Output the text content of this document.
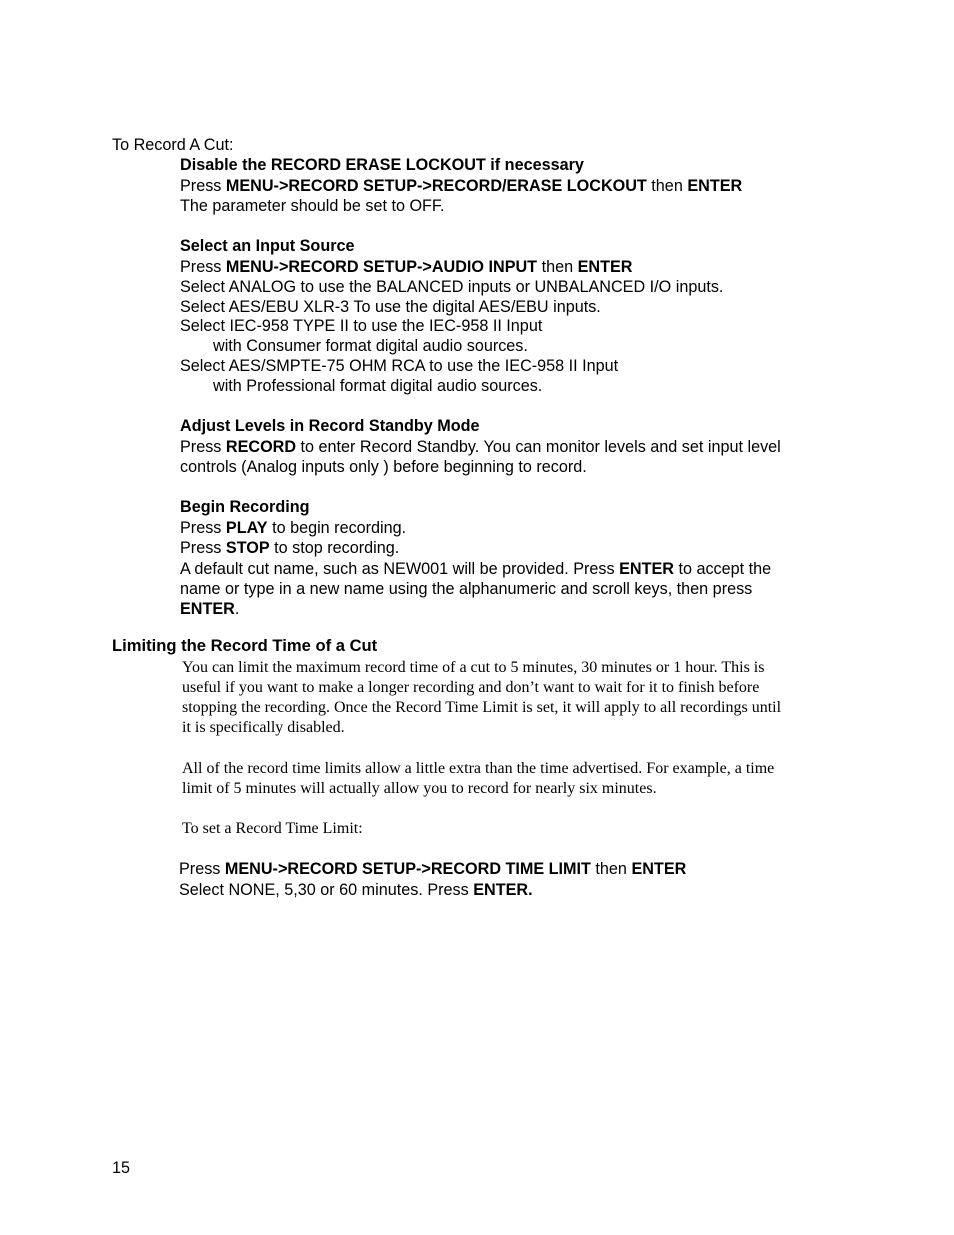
To Record A Cut:
Disable the RECORD ERASE LOCKOUT if necessary
Press MENU->RECORD SETUP->RECORD/ERASE LOCKOUT then ENTER
The parameter should be set to OFF.
Select an Input Source
Press MENU->RECORD SETUP->AUDIO INPUT then ENTER
Select ANALOG to use the BALANCED inputs or UNBALANCED I/O inputs.
Select AES/EBU XLR-3 To use the digital AES/EBU inputs.
Select IEC-958 TYPE II to use the IEC-958 II Input
with Consumer format digital audio sources.
Select AES/SMPTE-75 OHM RCA to use the IEC-958 II Input
with Professional format digital audio sources.
Adjust Levels in Record Standby Mode
Press RECORD to enter Record Standby. You can monitor levels and set input level
controls (Analog inputs only ) before beginning to record.
Begin Recording
Press PLAY to begin recording.
Press STOP to stop recording.
A default cut name, such as NEW001 will be provided. Press ENTER to accept the
name or type in a new name using the alphanumeric and scroll keys, then press
ENTER.
Limiting the Record Time of a Cut
You can limit the maximum record time of a cut to 5 minutes, 30 minutes or 1 hour. This is
useful if you want to make a longer recording and don’t want to wait for it to finish before
stopping the recording. Once the Record Time Limit is set, it will apply to all recordings until
it is specifically disabled.
All of the record time limits allow a little extra than the time advertised. For example, a time
limit of 5 minutes will actually allow you to record for nearly six minutes.
To set a Record Time Limit:
Press MENU->RECORD SETUP->RECORD TIME LIMIT then ENTER
Select NONE, 5,30 or 60 minutes. Press ENTER.
15
